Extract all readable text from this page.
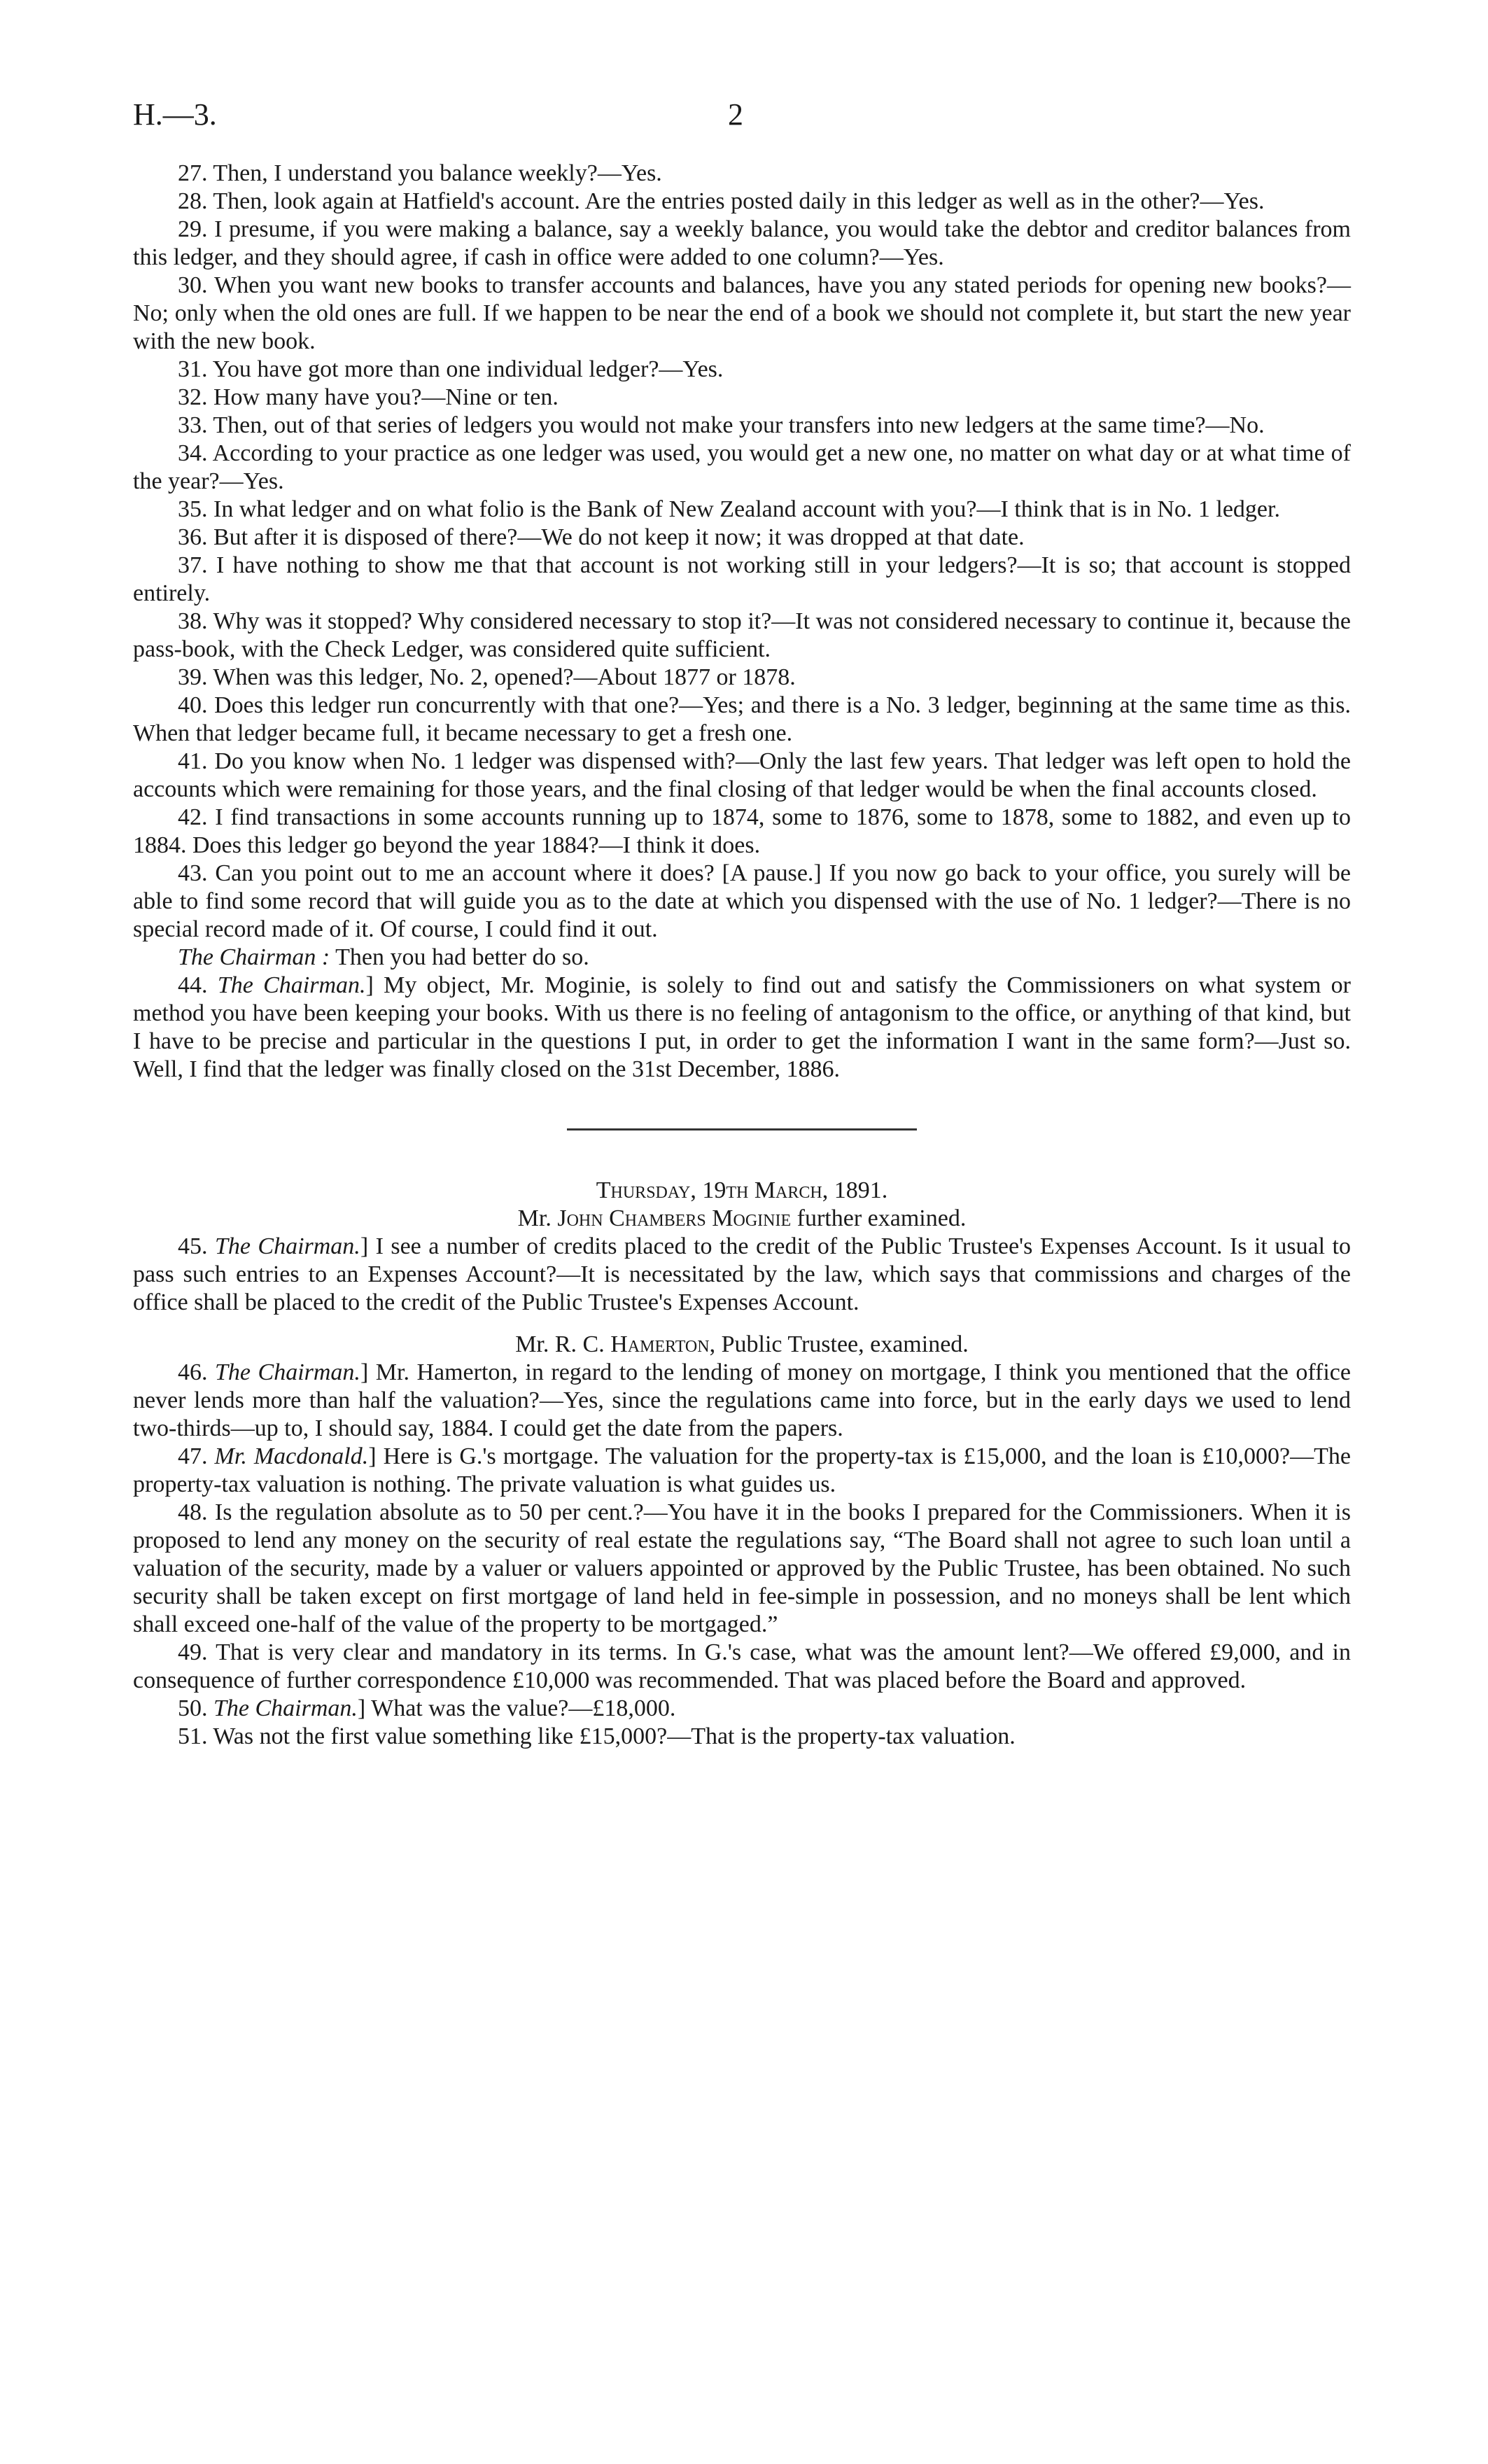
H.—3.	2

27. Then, I understand you balance weekly?—Yes.

28. Then, look again at Hatfield's account. Are the entries posted daily in this ledger as well as in the other?—Yes.

29. I presume, if you were making a balance, say a weekly balance, you would take the debtor and creditor balances from this ledger, and they should agree, if cash in office were added to one column?—Yes.

30. When you want new books to transfer accounts and balances, have you any stated periods for opening new books?—No; only when the old ones are full. If we happen to be near the end of a book we should not complete it, but start the new year with the new book.

31. You have got more than one individual ledger?—Yes.

32. How many have you?—Nine or ten.

33. Then, out of that series of ledgers you would not make your transfers into new ledgers at the same time?—No.

34. According to your practice as one ledger was used, you would get a new one, no matter on what day or at what time of the year?—Yes.

35. In what ledger and on what folio is the Bank of New Zealand account with you?—I think that is in No. 1 ledger.

36. But after it is disposed of there?—We do not keep it now; it was dropped at that date.

37. I have nothing to show me that that account is not working still in your ledgers?—It is so; that account is stopped entirely.

38. Why was it stopped? Why considered necessary to stop it?—It was not considered necessary to continue it, because the pass-book, with the Check Ledger, was considered quite sufficient.

39. When was this ledger, No. 2, opened?—About 1877 or 1878.

40. Does this ledger run concurrently with that one?—Yes; and there is a No. 3 ledger, beginning at the same time as this. When that ledger became full, it became necessary to get a fresh one.

41. Do you know when No. 1 ledger was dispensed with?—Only the last few years. That ledger was left open to hold the accounts which were remaining for those years, and the final closing of that ledger would be when the final accounts closed.

42. I find transactions in some accounts running up to 1874, some to 1876, some to 1878, some to 1882, and even up to 1884. Does this ledger go beyond the year 1884?—I think it does.

43. Can you point out to me an account where it does? [A pause.] If you now go back to your office, you surely will be able to find some record that will guide you as to the date at which you dispensed with the use of No. 1 ledger?—There is no special record made of it. Of course, I could find it out.

The Chairman : Then you had better do so.

44. The Chairman.] My object, Mr. Moginie, is solely to find out and satisfy the Commissioners on what system or method you have been keeping your books. With us there is no feeling of antagonism to the office, or anything of that kind, but I have to be precise and particular in the questions I put, in order to get the information I want in the same form?—Just so. Well, I find that the ledger was finally closed on the 31st December, 1886.

Thursday, 19th March, 1891.

Mr. John Chambers Moginie further examined.

45. The Chairman.] I see a number of credits placed to the credit of the Public Trustee's Expenses Account. Is it usual to pass such entries to an Expenses Account?—It is necessitated by the law, which says that commissions and charges of the office shall be placed to the credit of the Public Trustee's Expenses Account.

Mr. R. C. Hamerton, Public Trustee, examined.

46. The Chairman.] Mr. Hamerton, in regard to the lending of money on mortgage, I think you mentioned that the office never lends more than half the valuation?—Yes, since the regulations came into force, but in the early days we used to lend two-thirds—up to, I should say, 1884. I could get the date from the papers.

47. Mr. Macdonald.] Here is G.'s mortgage. The valuation for the property-tax is £15,000, and the loan is £10,000?—The property-tax valuation is nothing. The private valuation is what guides us.

48. Is the regulation absolute as to 50 per cent.?—You have it in the books I prepared for the Commissioners. When it is proposed to lend any money on the security of real estate the regulations say, “The Board shall not agree to such loan until a valuation of the security, made by a valuer or valuers appointed or approved by the Public Trustee, has been obtained. No such security shall be taken except on first mortgage of land held in fee-simple in possession, and no moneys shall be lent which shall exceed one-half of the value of the property to be mortgaged.”

49. That is very clear and mandatory in its terms. In G.'s case, what was the amount lent?—We offered £9,000, and in consequence of further correspondence £10,000 was recommended. That was placed before the Board and approved.

50. The Chairman.] What was the value?—£18,000.

51. Was not the first value something like £15,000?—That is the property-tax valuation.
